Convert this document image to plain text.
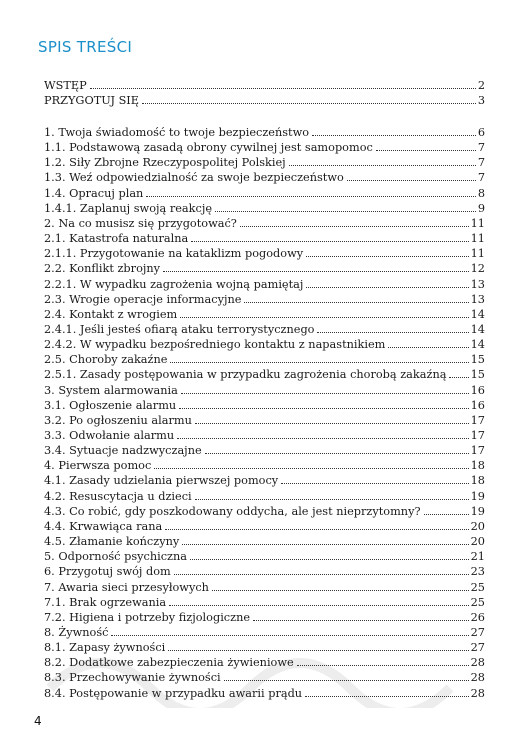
SPIS TREŚCI
WSTĘP	2
PRZYGOTUJ SIĘ	3
1. Twoja świadomość to twoje bezpieczeństwo	6
1.1. Podstawową zasadą obrony cywilnej jest samopomoc	7
1.2. Siły Zbrojne Rzeczypospolitej Polskiej	7
1.3. Weź odpowiedzialność za swoje bezpieczeństwo	7
1.4. Opracuj plan	8
1.4.1. Zaplanuj swoją reakcję	9
2. Na co musisz się przygotować?	11
2.1. Katastrofa naturalna	11
2.1.1. Przygotowanie na kataklizm pogodowy	11
2.2. Konflikt zbrojny	12
2.2.1. W wypadku zagrożenia wojną pamiętaj	13
2.3. Wrogie operacje informacyjne	13
2.4. Kontakt z wrogiem	14
2.4.1. Jeśli jesteś ofiarą ataku terrorystycznego	14
2.4.2. W wypadku bezpośredniego kontaktu z napastnikiem	14
2.5. Choroby zakaźne	15
2.5.1. Zasady postępowania w przypadku zagrożenia chorobą zakaźną 15
3. System alarmowania	16
3.1. Ogłoszenie alarmu	16
3.2. Po ogłoszeniu alarmu	17
3.3. Odwołanie alarmu	17
3.4. Sytuacje nadzwyczajne	17
4. Pierwsza pomoc	18
4.1. Zasady udzielania pierwszej pomocy	18
4.2. Resuscytacja u dzieci	19
4.3. Co robić, gdy poszkodowany oddycha, ale jest nieprzytomny?	19
4.4. Krwawiąca rana	20
4.5. Złamanie kończyny	20
5. Odporność psychiczna	21
6. Przygotuj swój dom	23
7. Awaria sieci przesyłowych	25
7.1. Brak ogrzewania	25
7.2. Higiena i potrzeby fizjologiczne	26
8. Żywność	27
8.1. Zapasy żywności	27
8.2. Dodatkowe zabezpieczenia żywieniowe	28
8.3. Przechowywanie żywności	28
8.4. Postępowanie w przypadku awarii prądu	28
4
